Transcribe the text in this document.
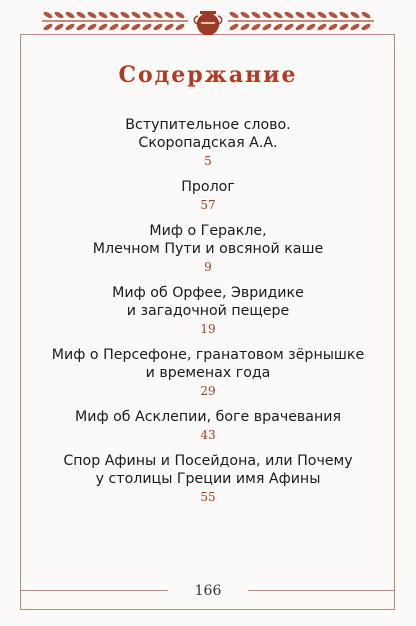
Содержание
Вступительное слово.
Скоропадская А.А.
5
Пролог
57
Миф о Геракле,
Млечном Пути и овсяной каше
9
Миф об Орфее, Эвридике
и загадочной пещере
19
Миф о Персефоне, гранатовом зёрнышке
и временах года
29
Миф об Асклепии, боге врачевания
43
Спор Афины и Посейдона, или Почему
у столицы Греции имя Афины
55
166
